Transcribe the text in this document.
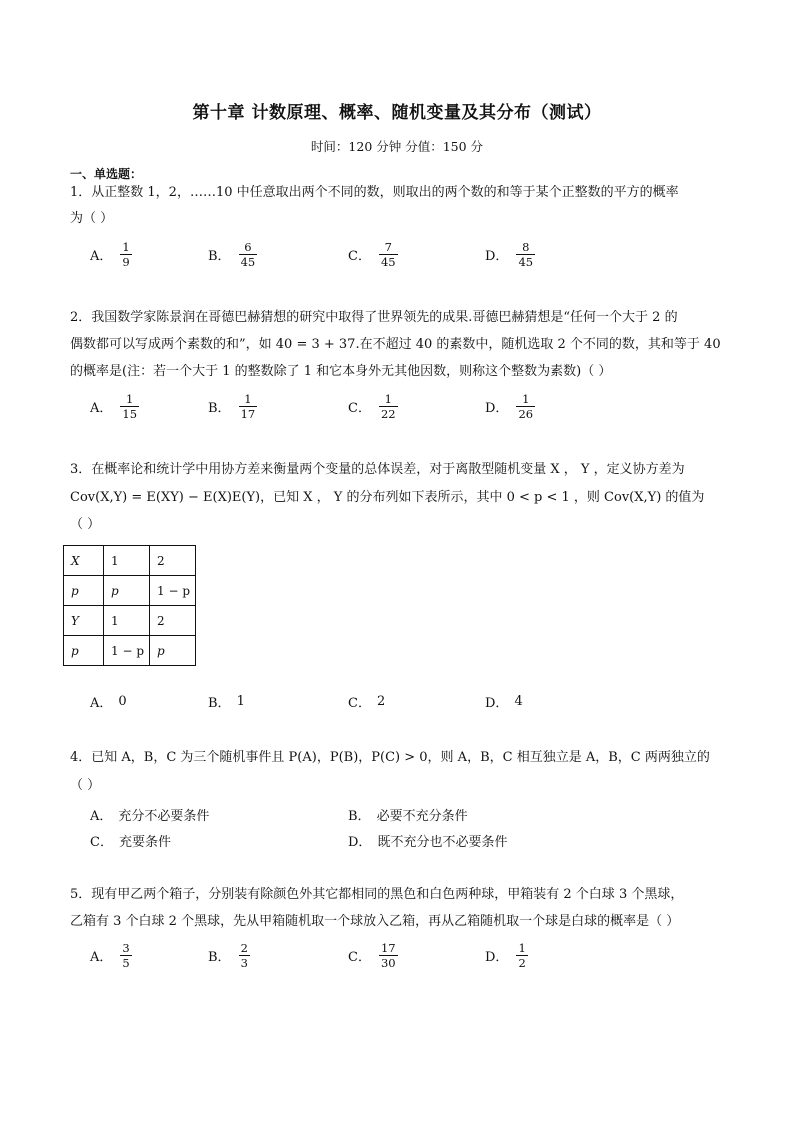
第十章 计数原理、概率、随机变量及其分布（测试）
时间：120 分钟 分值：150 分
一、单选题：
1．从正整数 1，2，……10 中任意取出两个不同的数，则取出的两个数的和等于某个正整数的平方的概率
为（ ）
A． $\frac{1}{9}$	B． $\frac{6}{45}$	C． $\frac{7}{45}$	D． $\frac{8}{45}$
2．我国数学家陈景润在哥德巴赫猜想的研究中取得了世界领先的成果.哥德巴赫猜想是“任何一个大于 2 的
偶数都可以写成两个素数的和”，如 40 = 3 + 37.在不超过 40 的素数中，随机选取 2 个不同的数，其和等于 40
的概率是(注：若一个大于 1 的整数除了 1 和它本身外无其他因数，则称这个整数为素数)（ ）
A． $\frac{1}{15}$	B． $\frac{1}{17}$	C． $\frac{1}{22}$	D． $\frac{1}{26}$
3．在概率论和统计学中用协方差来衡量两个变量的总体误差，对于离散型随机变量 X ， Y ，定义协方差为
Cov(X,Y) = E(XY) − E(X)E(Y)，已知 X ， Y 的分布列如下表所示，其中 0 < p < 1 ，则 Cov(X,Y) 的值为
（ ）
X	1	2
p	p	1 − p
Y	1	2
p	1 − p	p
A． 0	B． 1	C． 2	D． 4
4．已知 A，B，C 为三个随机事件且 P(A)，P(B)，P(C) > 0，则 A，B，C 相互独立是 A，B，C 两两独立的
（ ）
A． 充分不必要条件	B． 必要不充分条件
C． 充要条件	D． 既不充分也不必要条件
5．现有甲乙两个箱子，分别装有除颜色外其它都相同的黑色和白色两种球，甲箱装有 2 个白球 3 个黑球，
乙箱有 3 个白球 2 个黑球，先从甲箱随机取一个球放入乙箱，再从乙箱随机取一个球是白球的概率是（ ）
A． $\frac{3}{5}$	B． $\frac{2}{3}$	C． $\frac{17}{30}$	D． $\frac{1}{2}$
